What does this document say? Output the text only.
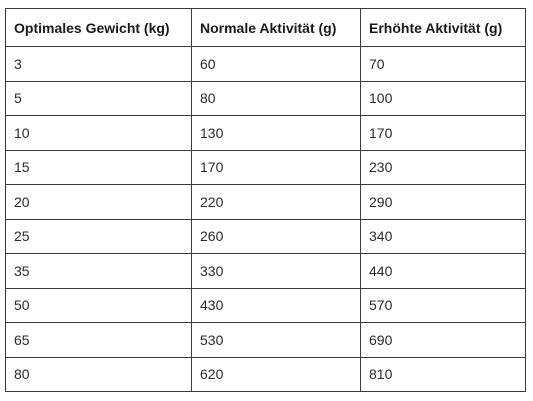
Optimales Gewicht (kg)	Normale Aktivität (g)	Erhöhte Aktivität (g)
3	60	70
5	80	100
10	130	170
15	170	230
20	220	290
25	260	340
35	330	440
50	430	570
65	530	690
80	620	810
